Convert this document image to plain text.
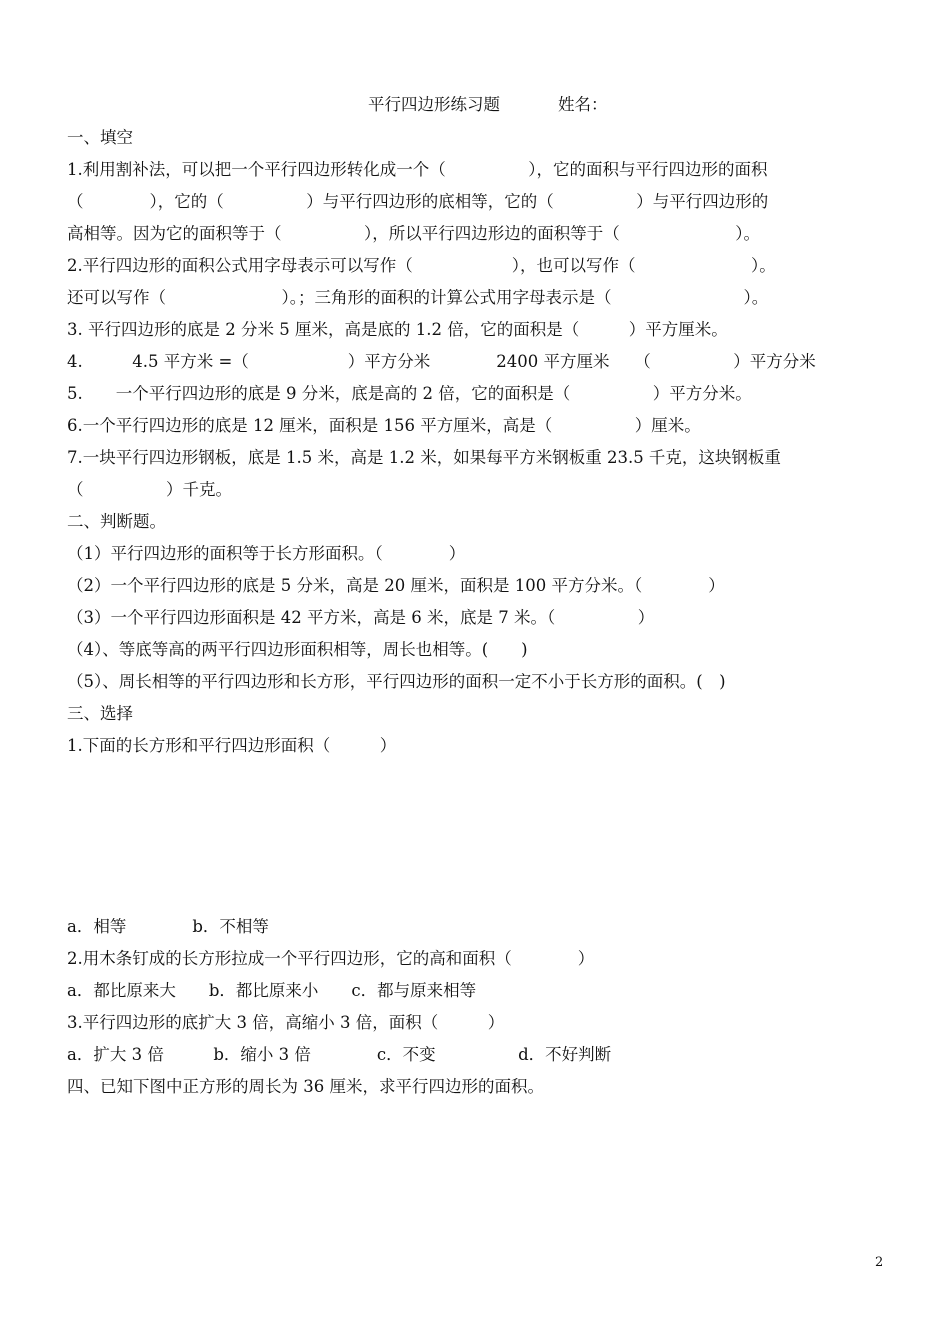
平行四边形练习题	姓名：
一、填空
1.利用割补法，可以把一个平行四边形转化成一个（　　　　　），它的面积与平行四边形的面积
（　　　　），它的（　　　　　）与平行四边形的底相等，它的（　　　　　）与平行四边形的
高相等。因为它的面积等于（　　　　　），所以平行四边形边的面积等于（　　　　　　　）。
2.平行四边形的面积公式用字母表示可以写作（　　　　　　），也可以写作（　　　　　　　）。
还可以写作（　　　　　　　）。；三角形的面积的计算公式用字母表示是（　　　　　　　　）。
3. 平行四边形的底是 2 分米 5 厘米，高是底的 1.2 倍，它的面积是（　　　）平方厘米。
4.　　　4.5 平方米 =（　　　　　　）平方分米　　　　2400 平方厘米　　（　　　　　）平方分米
5.　　一个平行四边形的底是 9 分米，底是高的 2 倍，它的面积是（　　　　　）平方分米。
6.一个平行四边形的底是 12 厘米，面积是 156 平方厘米，高是（　　　　　）厘米。
7.一块平行四边形钢板，底是 1.5 米，高是 1.2 米，如果每平方米钢板重 23.5 千克，这块钢板重
（　　　　　）千克。
二、判断题。
（1）平行四边形的面积等于长方形面积。（　　　　）
（2）一个平行四边形的底是 5 分米，高是 20 厘米，面积是 100 平方分米。（　　　　）
（3）一个平行四边形面积是 42 平方米，高是 6 米，底是 7 米。（　　　　　）
（4）、等底等高的两平行四边形面积相等，周长也相等。(　　)
（5）、周长相等的平行四边形和长方形，平行四边形的面积一定不小于长方形的面积。(　)
三、选择
1.下面的长方形和平行四边形面积（　　　）
a．相等　　　　b．不相等
2.用木条钉成的长方形拉成一个平行四边形，它的高和面积（　　　　）
a．都比原来大　　b．都比原来小　　c．都与原来相等
3.平行四边形的底扩大 3 倍，高缩小 3 倍，面积（　　　）
a．扩大 3 倍　　　b．缩小 3 倍　　　　c．不变　　　　　d．不好判断
四、已知下图中正方形的周长为 36 厘米，求平行四边形的面积。
2
